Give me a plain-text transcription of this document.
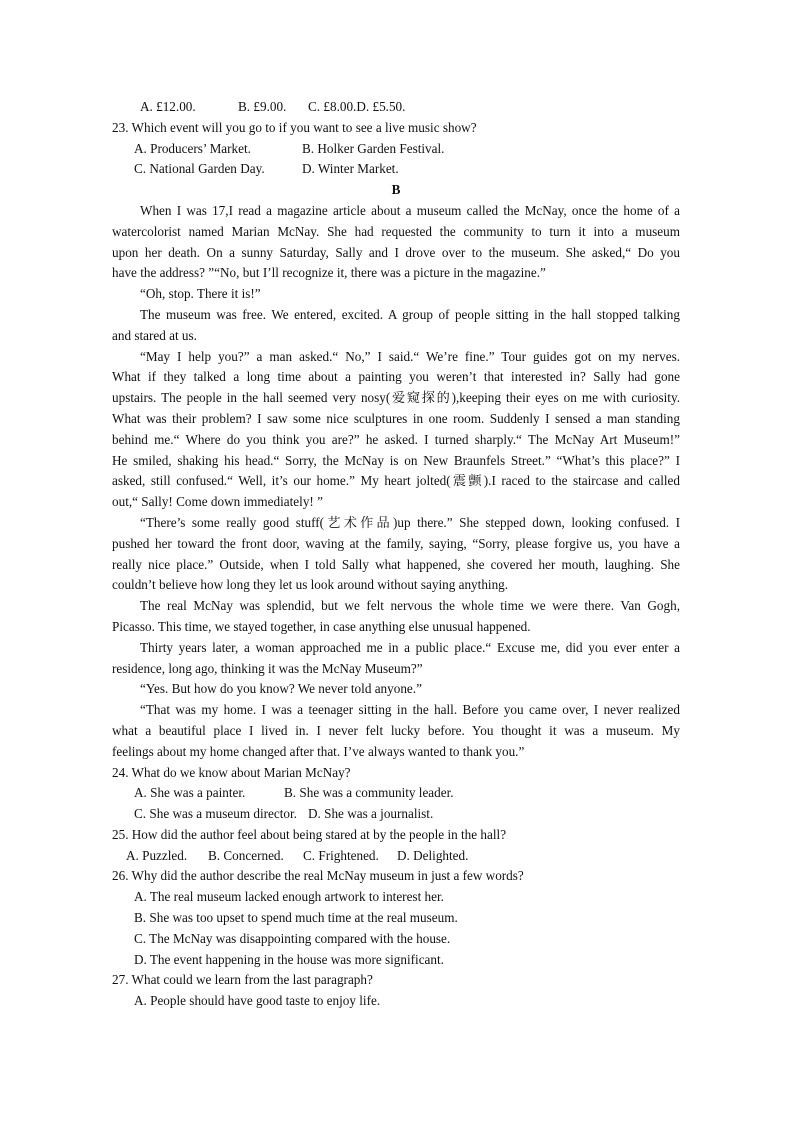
A. £12.00.	B. £9.00.	C. £8.00. D. £5.50.
23. Which event will you go to if you want to see a live music show?
A. Producers’ Market.	B. Holker Garden Festival.
C. National Garden Day.	D. Winter Market.
B
When I was 17,I read a magazine article about a museum called the McNay, once the home of a
watercolorist named Marian McNay. She had requested the community to turn it into a museum
upon her death. On a sunny Saturday, Sally and I drove over to the museum. She asked,“ Do you
have the address? ”“No, but I’ll recognize it, there was a picture in the magazine.”
“Oh, stop. There it is!”
The museum was free. We entered, excited. A group of people sitting in the hall stopped talking
and stared at us.
“May I help you?” a man asked.“ No,” I said.“ We’re fine.” Tour guides got on my nerves.
What if they talked a long time about a painting you weren’t that interested in? Sally had gone
upstairs. The people in the hall seemed very nosy(爱窥探的),keeping their eyes on me with curiosity.
What was their problem? I saw some nice sculptures in one room. Suddenly I sensed a man standing
behind me.“ Where do you think you are?” he asked. I turned sharply.“ The McNay Art Museum!”
He smiled, shaking his head.“ Sorry, the McNay is on New Braunfels Street.” “What’s this place?” I
asked, still confused.“ Well, it’s our home.” My heart jolted(震颤).I raced to the staircase and called
out,“ Sally! Come down immediately! ”
“There’s some really good stuff(艺术作品)up there.” She stepped down, looking confused. I
pushed her toward the front door, waving at the family, saying, “Sorry, please forgive us, you have a
really nice place.” Outside, when I told Sally what happened, she covered her mouth, laughing. She
couldn’t believe how long they let us look around without saying anything.
The real McNay was splendid, but we felt nervous the whole time we were there. Van Gogh,
Picasso. This time, we stayed together, in case anything else unusual happened.
Thirty years later, a woman approached me in a public place.“ Excuse me, did you ever enter a
residence, long ago, thinking it was the McNay Museum?”
“Yes. But how do you know? We never told anyone.”
“That was my home. I was a teenager sitting in the hall. Before you came over, I never realized
what a beautiful place I lived in. I never felt lucky before. You thought it was a museum. My
feelings about my home changed after that. I’ve always wanted to thank you.”
24. What do we know about Marian McNay?
A. She was a painter.	B. She was a community leader.
C. She was a museum director. D. She was a journalist.
25. How did the author feel about being stared at by the people in the hall?
A. Puzzled.	B. Concerned.	C. Frightened.	D. Delighted.
26. Why did the author describe the real McNay museum in just a few words?
A. The real museum lacked enough artwork to interest her.
B. She was too upset to spend much time at the real museum.
C. The McNay was disappointing compared with the house.
D. The event happening in the house was more significant.
27. What could we learn from the last paragraph?
A. People should have good taste to enjoy life.
